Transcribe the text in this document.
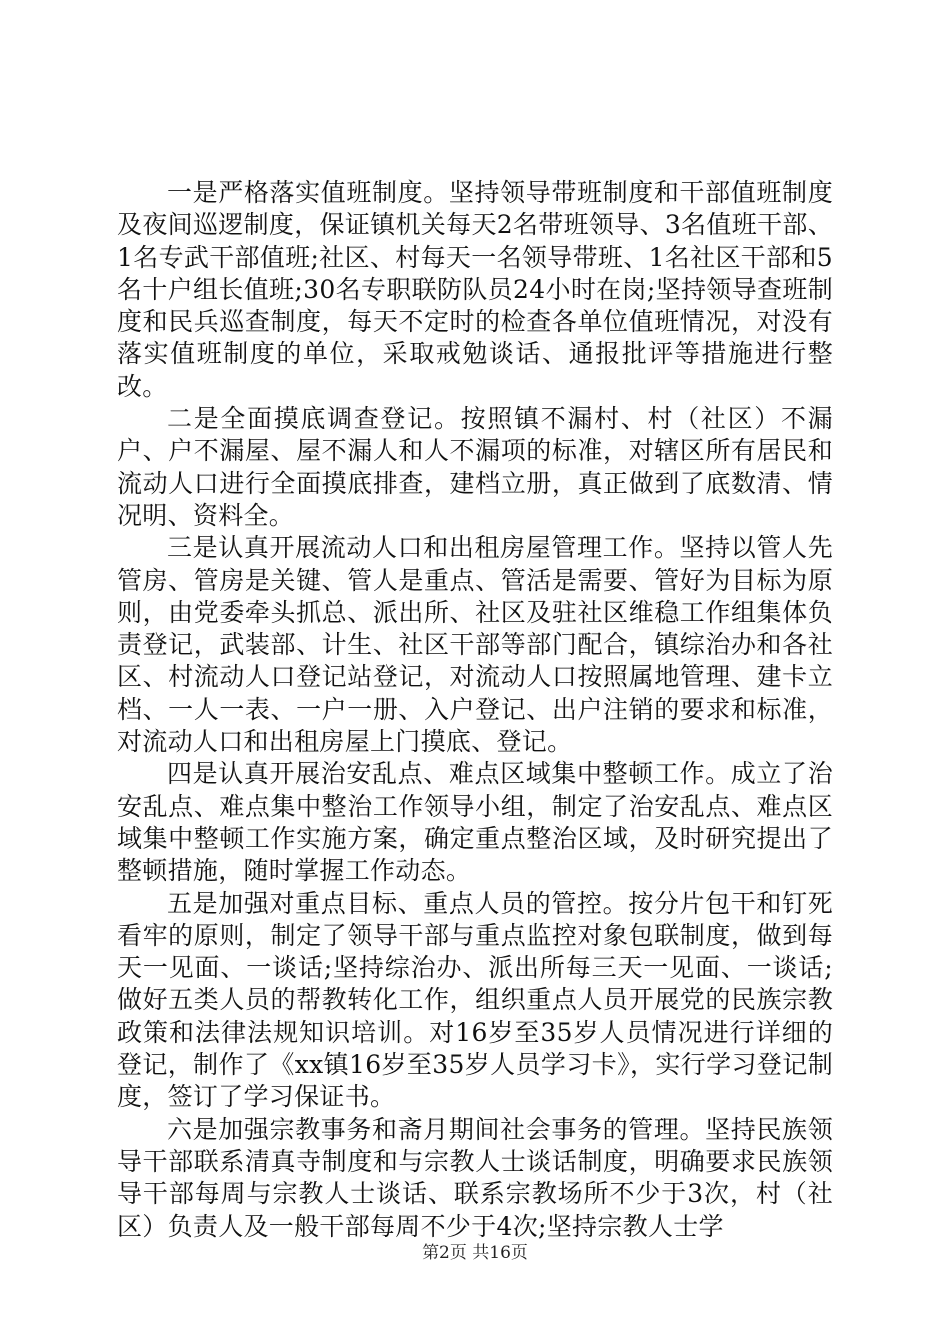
一是严格落实值班制度。坚持领导带班制度和干部值班制度及夜间巡逻制度，保证镇机关每天2名带班领导、3名值班干部、1名专武干部值班;社区、村每天一名领导带班、1名社区干部和5名十户组长值班;30名专职联防队员24小时在岗;坚持领导查班制度和民兵巡查制度，每天不定时的检查各单位值班情况，对没有落实值班制度的单位，采取戒勉谈话、通报批评等措施进行整改。

二是全面摸底调查登记。按照镇不漏村、村（社区）不漏户、户不漏屋、屋不漏人和人不漏项的标准，对辖区所有居民和流动人口进行全面摸底排查，建档立册，真正做到了底数清、情况明、资料全。

三是认真开展流动人口和出租房屋管理工作。坚持以管人先管房、管房是关键、管人是重点、管活是需要、管好为目标为原则，由党委牵头抓总、派出所、社区及驻社区维稳工作组集体负责登记，武装部、计生、社区干部等部门配合，镇综治办和各社区、村流动人口登记站登记，对流动人口按照属地管理、建卡立档、一人一表、一户一册、入户登记、出户注销的要求和标准，对流动人口和出租房屋上门摸底、登记。

四是认真开展治安乱点、难点区域集中整顿工作。成立了治安乱点、难点集中整治工作领导小组，制定了治安乱点、难点区域集中整顿工作实施方案，确定重点整治区域，及时研究提出了整顿措施，随时掌握工作动态。

五是加强对重点目标、重点人员的管控。按分片包干和钉死看牢的原则，制定了领导干部与重点监控对象包联制度，做到每天一见面、一谈话;坚持综治办、派出所每三天一见面、一谈话;做好五类人员的帮教转化工作，组织重点人员开展党的民族宗教政策和法律法规知识培训。对16岁至35岁人员情况进行详细的登记，制作了《xx镇16岁至35岁人员学习卡》，实行学习登记制度，签订了学习保证书。

六是加强宗教事务和斋月期间社会事务的管理。坚持民族领导干部联系清真寺制度和与宗教人士谈话制度，明确要求民族领导干部每周与宗教人士谈话、联系宗教场所不少于3次，村（社区）负责人及一般干部每周不少于4次;坚持宗教人士学

第2页 共16页
